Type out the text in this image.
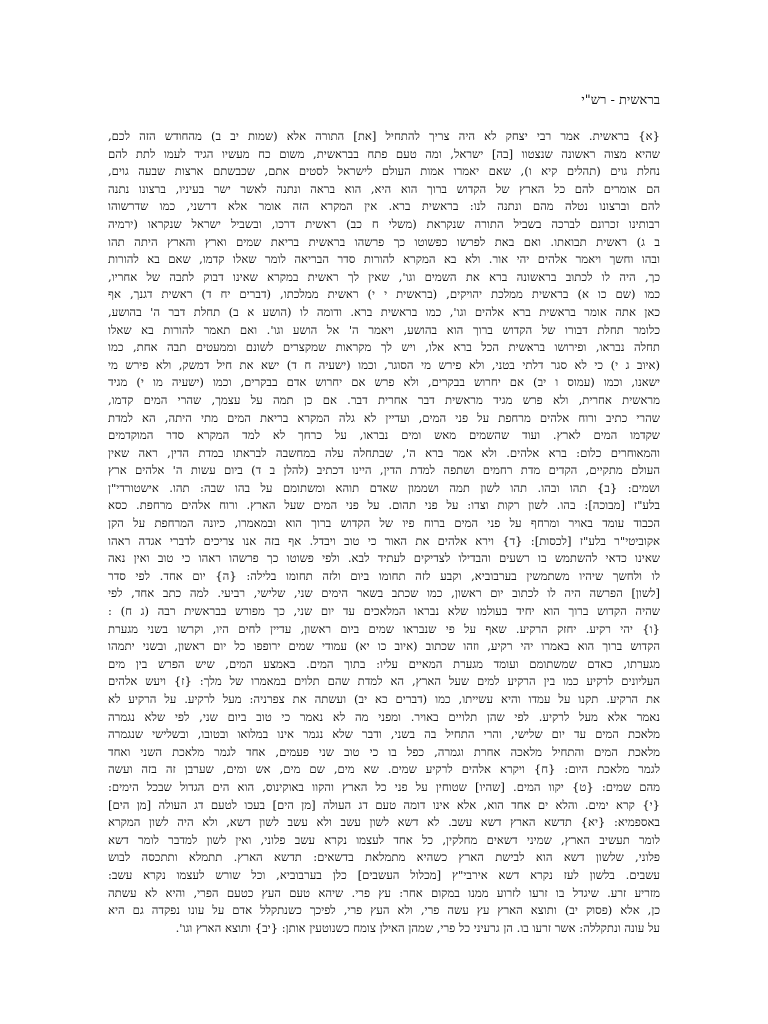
בראשית - רש"י
{א} בראשית. אמר רבי יצחק לא היה צריך להתחיל [את] התורה אלא (שמות יב ב) מהחודש הזה לכם,
שהיא מצוה ראשונה שנצטוו [בה] ישראל, ומה טעם פתח בבראשית, משום כח מעשיו הגיד לעמו לתת להם
נחלת גוים (תהלים קיא ו), שאם יאמרו אמות העולם לישראל לסטים אתם, שכבשתם ארצות שבעה גוים,
הם אומרים להם כל הארץ של הקדוש ברוך הוא היא, הוא בראה ונתנה לאשר ישר בעיניו, ברצונו נתנה
להם וברצונו נטלה מהם ונתנה לנו: בראשית ברא. אין המקרא הזה אומר אלא דרשני, כמו שדרשוהו
רבותינו זכרונם לברכה בשביל התורה שנקראת (משלי ח כב) ראשית דרכו, ובשביל ישראל שנקראו (ירמיה
ב ג) ראשית תבואתו. ואם באת לפרשו כפשוטו כך פרשהו בראשית בריאת שמים וארץ והארץ היתה תהו
ובהו וחשך ויאמר אלהים יהי אור. ולא בא המקרא להורות סדר הבריאה לומר שאלו קדמו, שאם בא להורות
כך, היה לו לכתוב בראשונה ברא את השמים וגו', שאין לך ראשית במקרא שאינו דבוק לתבה של אחריו,
כמו (שם כו א) בראשית ממלכת יהויקים, (בראשית י י) ראשית ממלכתו, (דברים יח ד) ראשית דגנך, אף
כאן אתה אומר בראשית ברא אלהים וגו', כמו בראשית ברא. ודומה לו (הושע א ב) תחלת דבר ה' בהושע,
כלומר תחלת דבורו של הקדוש ברוך הוא בהושע, ויאמר ה' אל הושע וגו'. ואם תאמר להורות בא שאלו
תחלה נבראו, ופירושו בראשית הכל ברא אלו, ויש לך מקראות שמקצרים לשונם וממעטים תבה אחת, כמו
(איוב ג י) כי לא סגר דלתי בטני, ולא פירש מי הסוגר, וכמו (ישעיה ח ד) ישא את חיל דמשק, ולא פירש מי
ישאנו, וכמו (עמוס ו יב) אם יחרוש בבקרים, ולא פרש אם יחרוש אדם בבקרים, וכמו (ישעיה מו י) מגיד
מראשית אחרית, ולא פרש מגיד מראשית דבר אחרית דבר. אם כן תמה על עצמך, שהרי המים קדמו,
שהרי כתיב ורוח אלהים מרחפת על פני המים, ועדיין לא גלה המקרא בריאת המים מתי היתה, הא למדת
שקדמו המים לארץ. ועוד שהשמים מאש ומים נבראו, על כרחך לא למד המקרא סדר המוקדמים
והמאוחרים כלום: ברא אלהים. ולא אמר ברא ה', שבתחלה עלה במחשבה לבראתו במדת הדין, ראה שאין
העולם מתקיים, הקדים מדת רחמים ושתפה למדת הדין, היינו דכתיב (להלן ב ד) ביום עשות ה' אלהים ארץ
ושמים: {ב} תהו ובהו. תהו לשון תמה ושממון שאדם תוהא ומשתומם על בהו שבה: תהו. אישטורדי"ן
בלע"ז [מבוכה]: בהו. לשון רקות וצדו: על פני תהום. על פני המים שעל הארץ. ורוח אלהים מרחפת. כסא
הכבוד עומד באויר ומרחף על פני המים ברוח פיו של הקדוש ברוך הוא ובמאמרו, כיונה המרחפת על הקן
אקוביטי"ר בלע"ז [לכסות]: {ד} וירא אלהים את האור כי טוב ויבדל. אף בזה אנו צריכים לדברי אגדה ראהו
שאינו כדאי להשתמש בו רשעים והבדילו לצדיקים לעתיד לבא. ולפי פשוטו כך פרשהו ראהו כי טוב ואין נאה
לו ולחשך שיהיו משתמשין בערבוביא, וקבע לזה תחומו ביום ולזה תחומו בלילה: {ה} יום אחד. לפי סדר
[לשון] הפרשה היה לו לכתוב יום ראשון, כמו שכתב בשאר הימים שני, שלישי, רביעי. למה כתב אחד, לפי
שהיה הקדוש ברוך הוא יחיד בעולמו שלא נבראו המלאכים עד יום שני, כך מפורש בבראשית רבה (ג ח) :
{ו} יהי רקיע. יחזק הרקיע. שאף על פי שנבראו שמים ביום ראשון, עדיין לחים היו, וקרשו בשני מגערת
הקדוש ברוך הוא באמרו יהי רקיע, וזהו שכתוב (איוב כו יא) עמודי שמים ירופפו כל יום ראשון, ובשני יתמהו
מגערתו, כאדם שמשתומם ועומד מגערת המאיים עליו: בתוך המים. באמצע המים, שיש הפרש בין מים
העליונים לרקיע כמו בין הרקיע למים שעל הארץ, הא למדת שהם תלוים במאמרו של מלך: {ז} ויעש אלהים
את הרקיע. תקנו על עמדו והיא עשייתו, כמו (דברים כא יב) ועשתה את צפרניה: מעל לרקיע. על הרקיע לא
נאמר אלא מעל לרקיע. לפי שהן תלויים באויר. ומפני מה לא נאמר כי טוב ביום שני, לפי שלא נגמרה
מלאכת המים עד יום שלישי, והרי התחיל בה בשני, ודבר שלא נגמר אינו במלואו ובטובו, ובשלישי שנגמרה
מלאכת המים והתחיל מלאכה אחרת וגמרה, כפל בו כי טוב שני פעמים, אחד לגמר מלאכת השני ואחד
לגמר מלאכת היום: {ח} ויקרא אלהים לרקיע שמים. שא מים, שם מים, אש ומים, שערבן זה בזה ועשה
מהם שמים: {ט} יקוו המים. [שהיו] שטוחין על פני כל הארץ והקוו באוקינוס, הוא הים הגדול שבכל הימים:
{י} קרא ימים. והלא ים אחד הוא, אלא אינו דומה טעם דג העולה [מן הים] בעכו לטעם דג העולה [מן הים]
באספמיא: {יא} תדשא הארץ דשא עשב. לא דשא לשון עשב ולא עשב לשון דשא, ולא היה לשון המקרא
לומר תעשיב הארץ, שמיני דשאים מחלקין, כל אחד לעצמו נקרא עשב פלוני, ואין לשון למדבר לומר דשא
פלוני, שלשון דשא הוא לבישת הארץ כשהיא מתמלאת בדשאים: תדשא הארץ. תתמלא ותתכסה לבוש
עשבים. בלשון לעז נקרא דשא אירבי"ץ [מכלול העשבים] כלן בערבוביא, וכל שורש לעצמו נקרא עשב:
מזריע זרע. שיגדל בו זרעו לזרוע ממנו במקום אחר: עץ פרי. שיהא טעם העץ כטעם הפרי, והיא לא עשתה
כן, אלא (פסוק יב) ותוצא הארץ עץ עשה פרי, ולא העץ פרי, לפיכך כשנתקלל אדם על עונו נפקדה גם היא
על עונה ונתקללה: אשר זרעו בו. הן גרעיני כל פרי, שמהן האילן צומח כשנוטעין אותן: {יב} ותוצא הארץ וגו'.
